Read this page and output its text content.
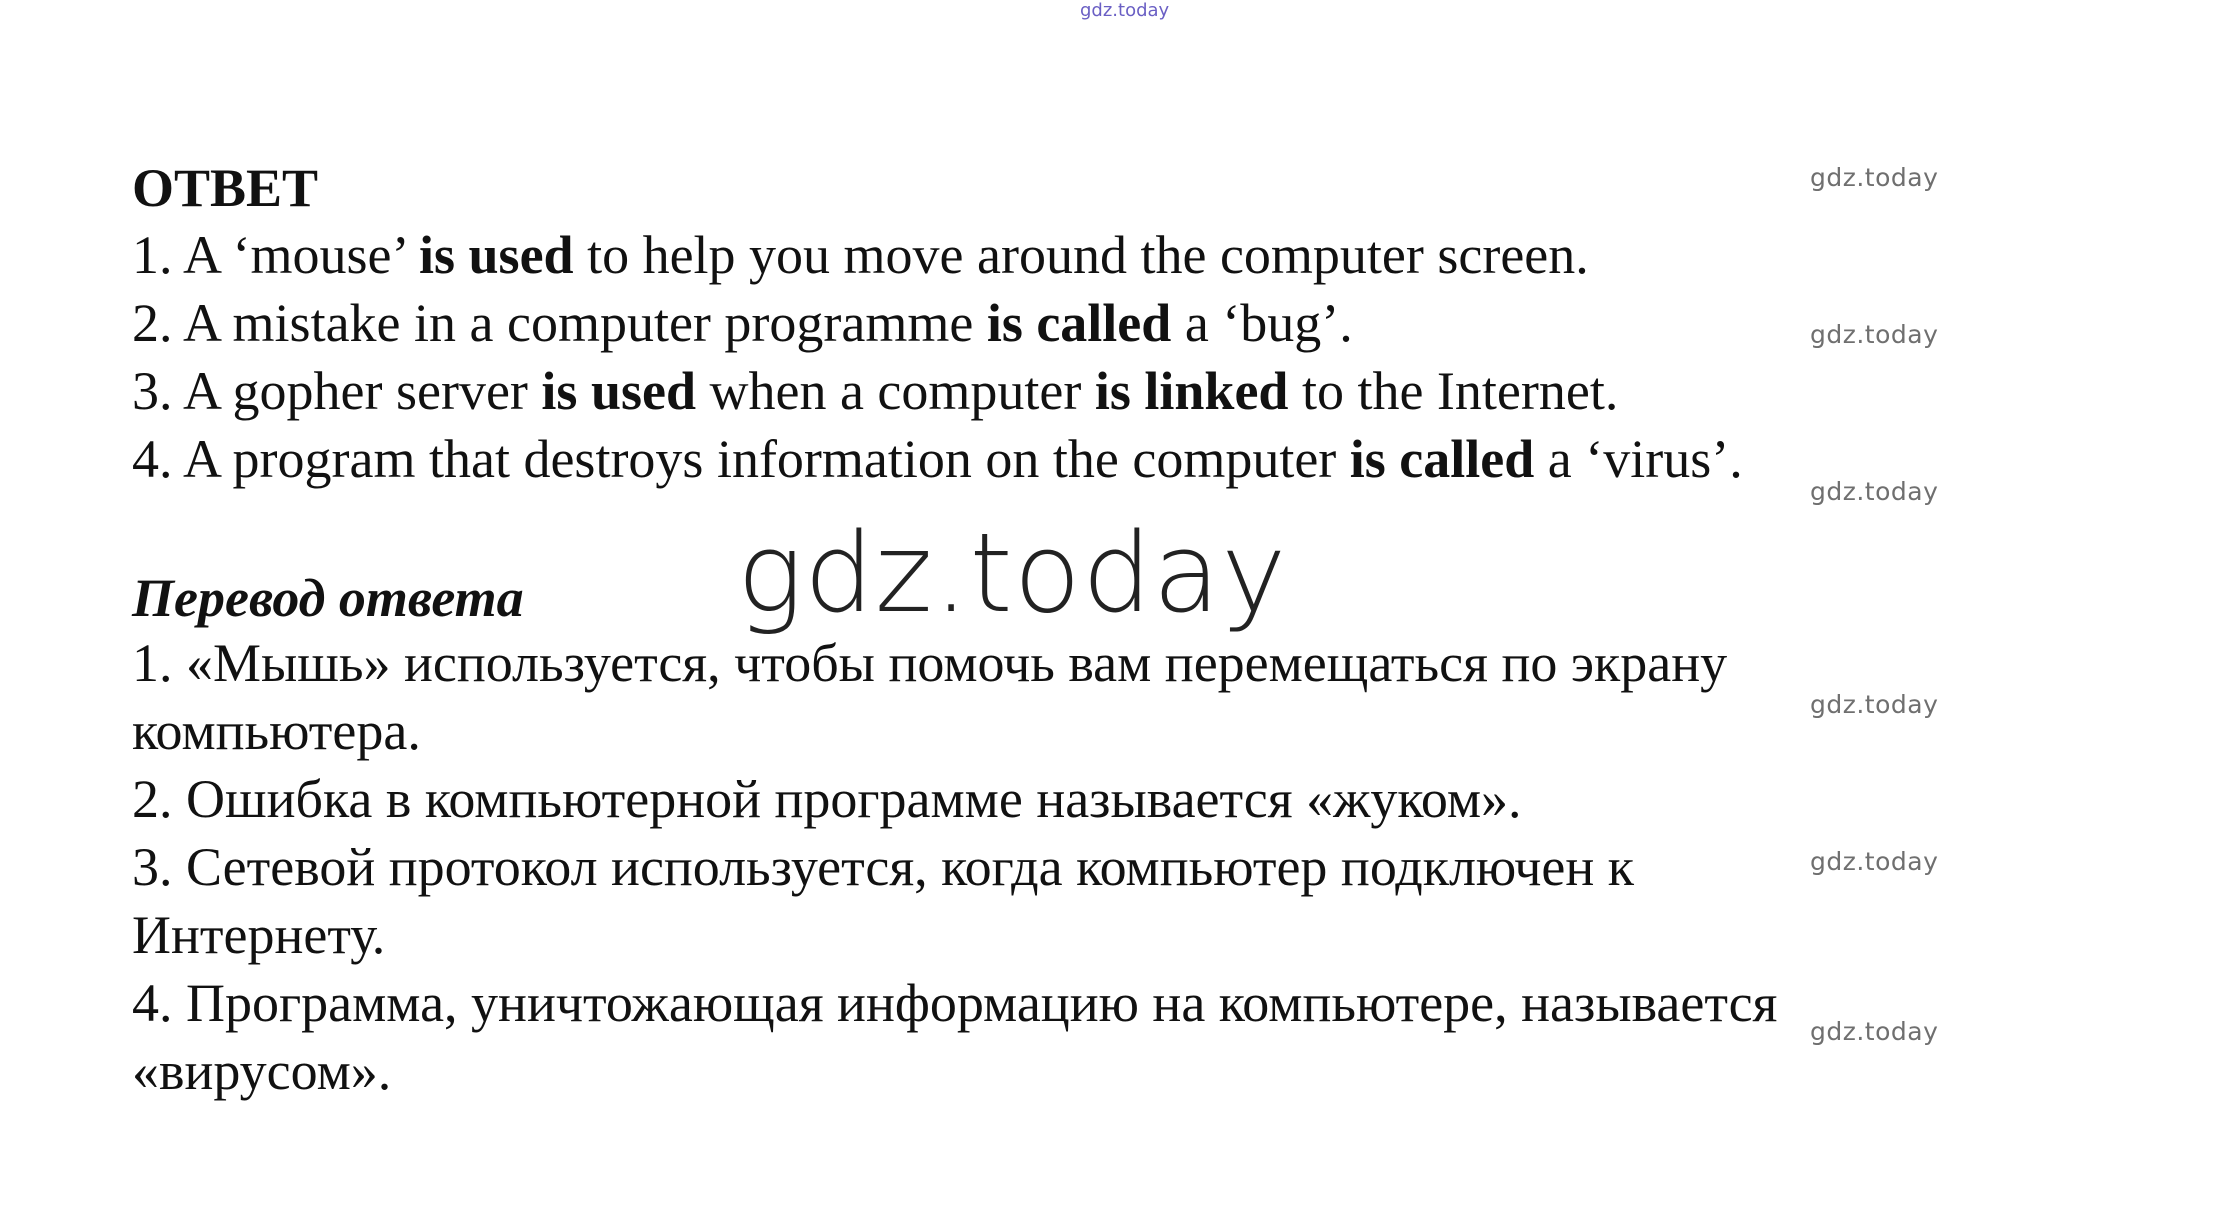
gdz.today
gdz.today
gdz.today
gdz.today
gdz.today
gdz.today
gdz.today
gdz.today
ОТВЕТ
1. A ‘mouse’ is used to help you move around the computer screen.
2. A mistake in a computer programme is called a ‘bug’.
3. A gopher server is used when a computer is linked to the Internet.
4. A program that destroys information on the computer is called a ‘virus’.
Перевод ответа
1. «Мышь» используется, чтобы помочь вам перемещаться по экрану
компьютера.
2. Ошибка в компьютерной программе называется «жуком».
3. Сетевой протокол используется, когда компьютер подключен к
Интернету.
4. Программа, уничтожающая информацию на компьютере, называется
«вирусом».
